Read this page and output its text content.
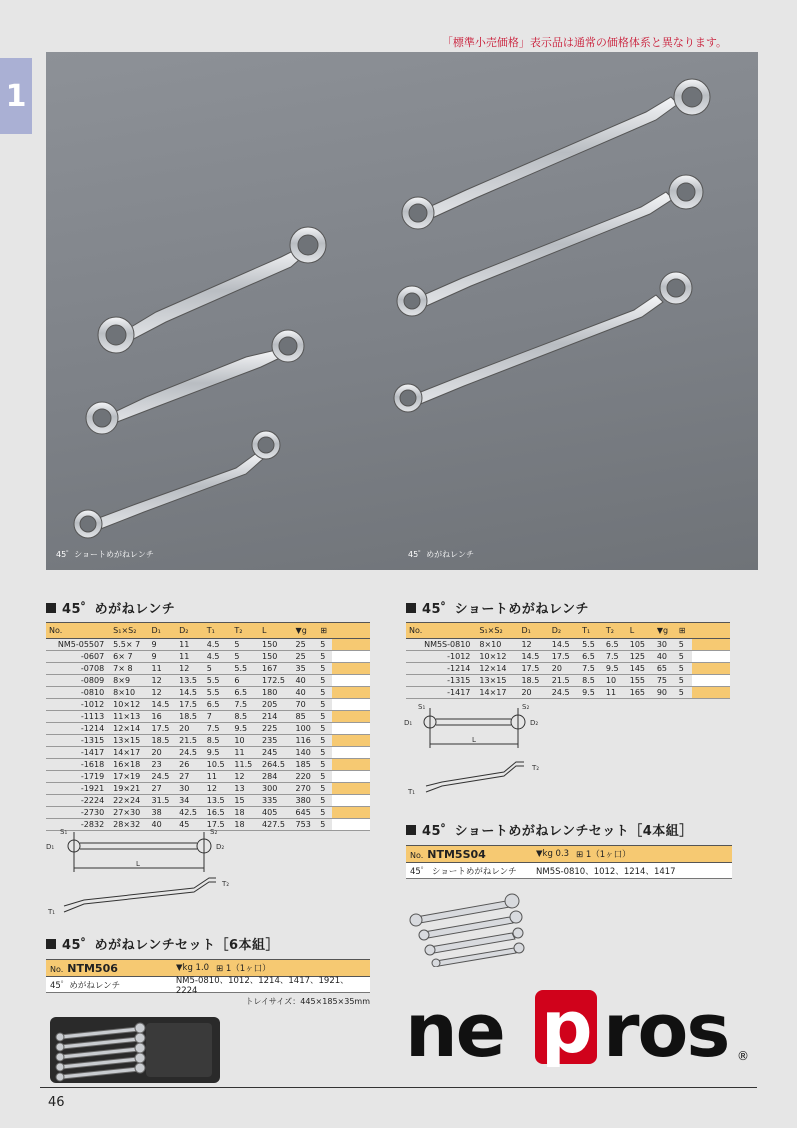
「標準小売価格」表示品は通常の価格体系と異なります。
1
45゜ショートめがねレンチ	45゜めがねレンチ
45゜めがねレンチ
No.	S₁×S₂	D₁	D₂	T₁	T₂	L	▼g	⊞	
NM5-05507	5.5× 7	9	11	4.5	5	150	25	5	
-0607	6× 7	9	11	4.5	5	150	25	5	
-0708	7× 8	11	12	5	5.5	167	35	5	
-0809	8×9	12	13.5	5.5	6	172.5	40	5	
-0810	8×10	12	14.5	5.5	6.5	180	40	5	
-1012	10×12	14.5	17.5	6.5	7.5	205	70	5	
-1113	11×13	16	18.5	7	8.5	214	85	5	
-1214	12×14	17.5	20	7.5	9.5	225	100	5	
-1315	13×15	18.5	21.5	8.5	10	235	116	5	
-1417	14×17	20	24.5	9.5	11	245	140	5	
-1618	16×18	23	26	10.5	11.5	264.5	185	5	
-1719	17×19	24.5	27	11	12	284	220	5	
-1921	19×21	27	30	12	13	300	270	5	
-2224	22×24	31.5	34	13.5	15	335	380	5	
-2730	27×30	38	42.5	16.5	18	405	645	5	
-2832	28×32	40	45	17.5	18	427.5	753	5	
45゜ショートめがねレンチ
No.	S₁×S₂	D₁	D₂	T₁	T₂	L	▼g	⊞	
NM5S-0810	8×10	12	14.5	5.5	6.5	105	30	5	
-1012	10×12	14.5	17.5	6.5	7.5	125	40	5	
-1214	12×14	17.5	20	7.5	9.5	145	65	5	
-1315	13×15	18.5	21.5	8.5	10	155	75	5	
-1417	14×17	20	24.5	9.5	11	165	90	5	
S₁	S₂
D₁	D₂
L
T₁
T₂
S₁	S₂
D₁	D₂
L
T₁
T₂
45゜ショートめがねレンチセット［4本組］
No. NTM5S04	▼kg 0.3 ⊞ 1（1ヶ口）
45゜ ショートめがねレンチ	NM5S-0810、1012、1214、1417
45゜めがねレンチセット［6本組］
No. NTM506	▼kg 1.0 ⊞ 1（1ヶ口）
45゜めがねレンチ	NM5-0810、1012、1214、1417、1921、2224
トレイサイズ：445×185×35mm ne p ros ®
46
